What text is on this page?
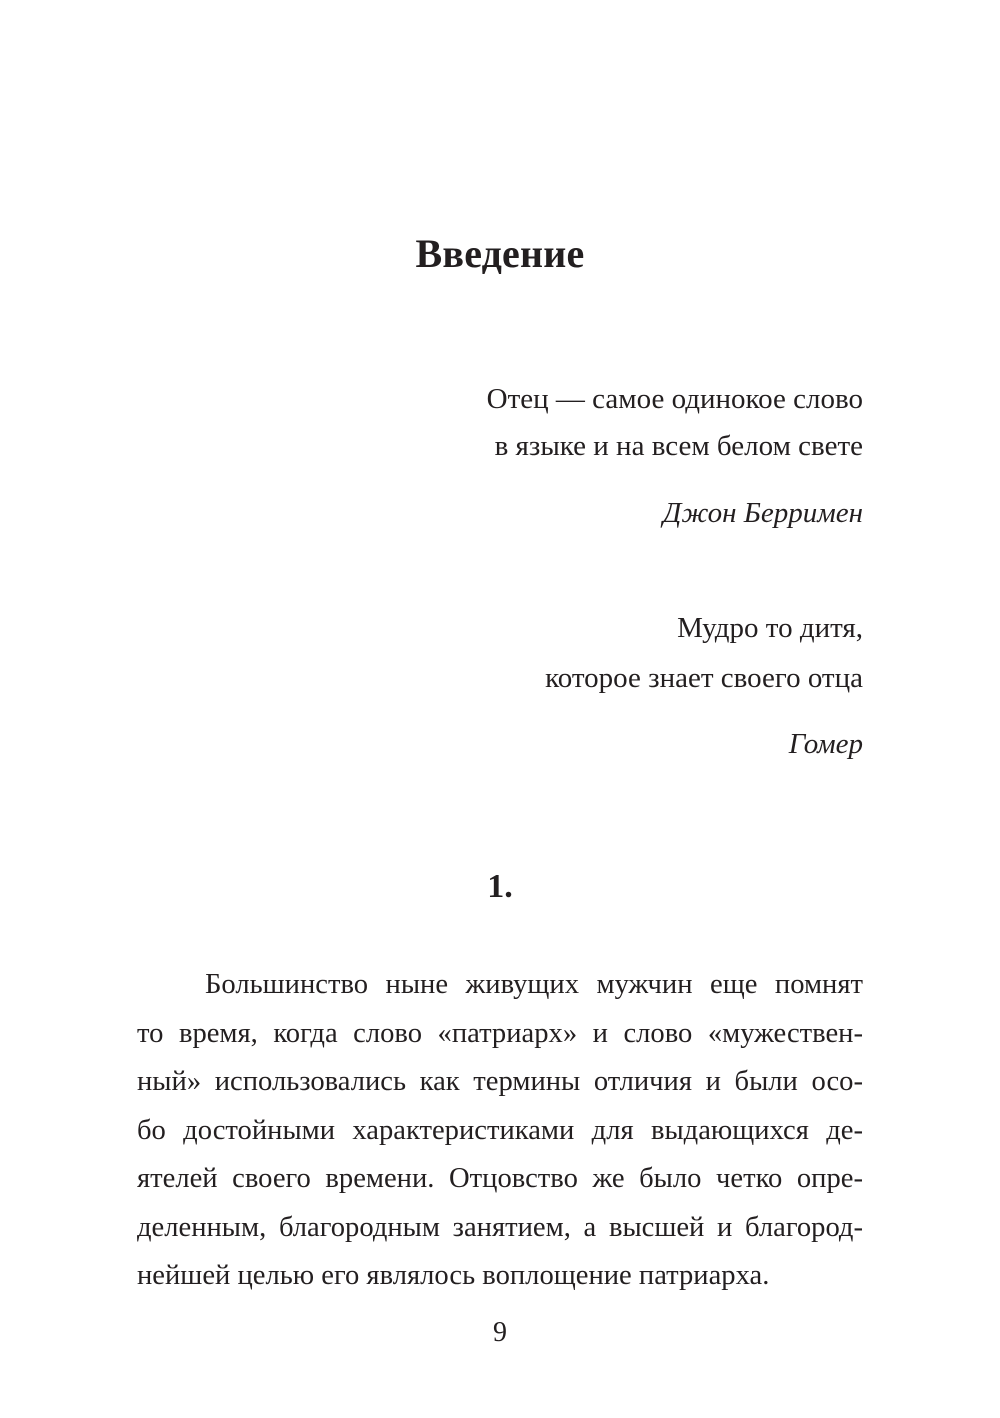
Введение
Отец — самое одинокое слово
в языке и на всем белом свете
Джон Берримен
Мудро то дитя,
которое знает своего отца
Гомер
1.
Большинство ныне живущих мужчин еще помнят
то время, когда слово «патриарх» и слово «мужествен-
ный» использовались как термины отличия и были осо-
бо достойными характеристиками для выдающихся де-
ятелей своего времени. Отцовство же было четко опре-
деленным, благородным занятием, а высшей и благород-
нейшей целью его являлось воплощение патриарха.
9
